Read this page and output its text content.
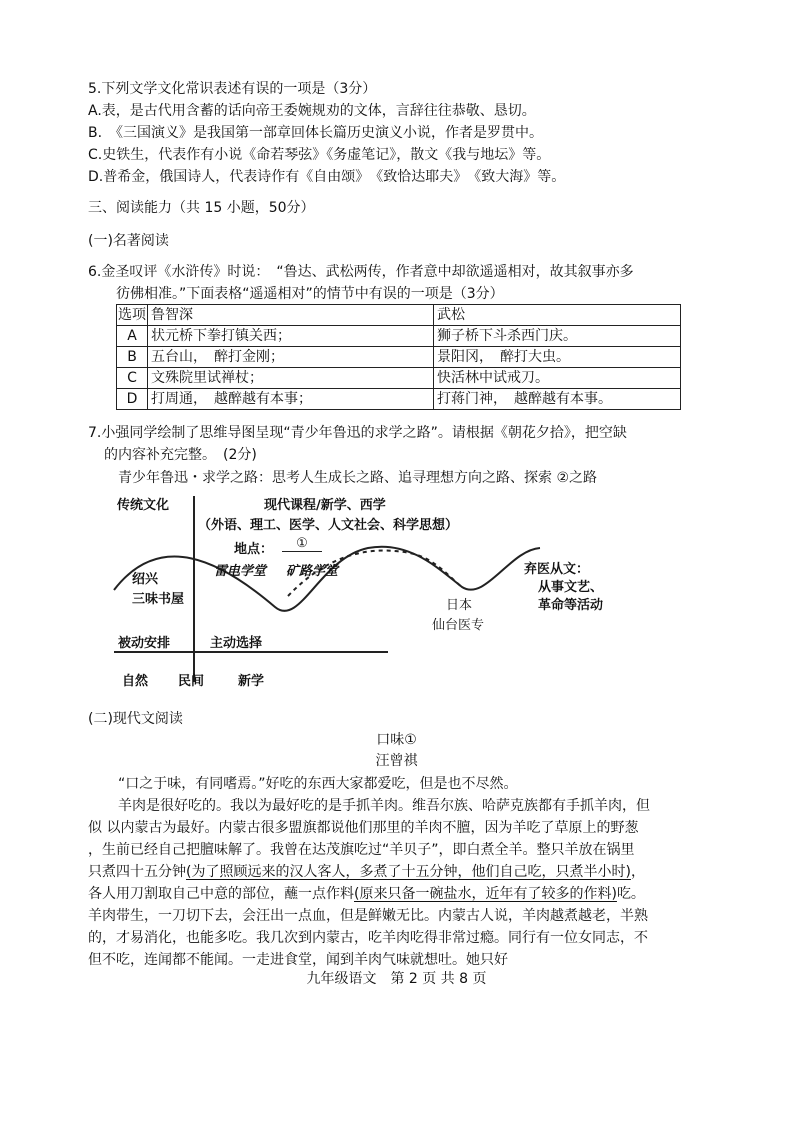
5.下列文学文化常识表述有误的一项是（3分）
A.表，是古代用含蓄的话向帝王委婉规劝的文体，言辞往往恭敬、恳切。
B.　《三国演义》是我国第一部章回体长篇历史演义小说，作者是罗贯中。
C.史铁生，代表作有小说《命若琴弦》《务虚笔记》，散文《我与地坛》等。
D.普希金，俄国诗人，代表诗作有《自由颂》　《致恰达耶夫》　《致大海》等。
三、阅读能力（共 15 小题，50分）
(一)名著阅读
6.金圣叹评《水浒传》时说：　“鲁达、武松两传，作者意中却欲遥遥相对，故其叙事亦多
彷佛相准。”下面表格“遥遥相对”的情节中有误的一项是（3分）
选项	鲁智深	武松
A	状元桥下拳打镇关西；	狮子桥下斗杀西门庆。
B	五台山，　醉打金刚；	景阳冈，　醉打大虫。
C	文殊院里试禅杖；	快活林中试戒刀。
D	打周通，　越醉越有本事；	打蒋门神，　越醉越有本事。
7.小强同学绘制了思维导图呈现“青少年鲁迅的求学之路”。请根据《朝花夕拾》，把空缺
的内容补充完整。　(2分)
青少年鲁迅・求学之路：思考人生成长之路、追寻理想方向之路、探索 ②之路
传统文化	现代课程/新学、西学
（外语、理工、医学、人文社会、科学思想）
地点：	①
雷电学堂 矿路学堂
绍兴
三味书屋	日本
仙台医专
弃医从文：
从事文艺、
革命等活动
被动安排	主动选择
自然 民间	新学
(二)现代文阅读
口味①
汪曾祺
“口之于味，有同嗜焉。”好吃的东西大家都爱吃，但是也不尽然。
羊肉是很好吃的。我以为最好吃的是手抓羊肉。维吾尔族、哈萨克族都有手抓羊肉，但
似 以内蒙古为最好。内蒙古很多盟旗都说他们那里的羊肉不膻，因为羊吃了草原上的野葱
，生前已经自己把膻味解了。我曾在达茂旗吃过“羊贝子”，即白煮全羊。整只羊放在锅里
只煮四十五分钟(为了照顾远来的汉人客人，多煮了十五分钟，他们自己吃，只煮半小时)，
各人用刀割取自己中意的部位，蘸一点作料(原来只备一碗盐水，近年有了较多的作料)吃。
羊肉带生，一刀切下去，会汪出一点血，但是鲜嫩无比。内蒙古人说，羊肉越煮越老，半熟
的，才易消化，也能多吃。我几次到内蒙古，吃羊肉吃得非常过瘾。同行有一位女同志，不
但不吃，连闻都不能闻。一走进食堂，闻到羊肉气味就想吐。她只好
九年级语文　第 2 页 共 8 页
